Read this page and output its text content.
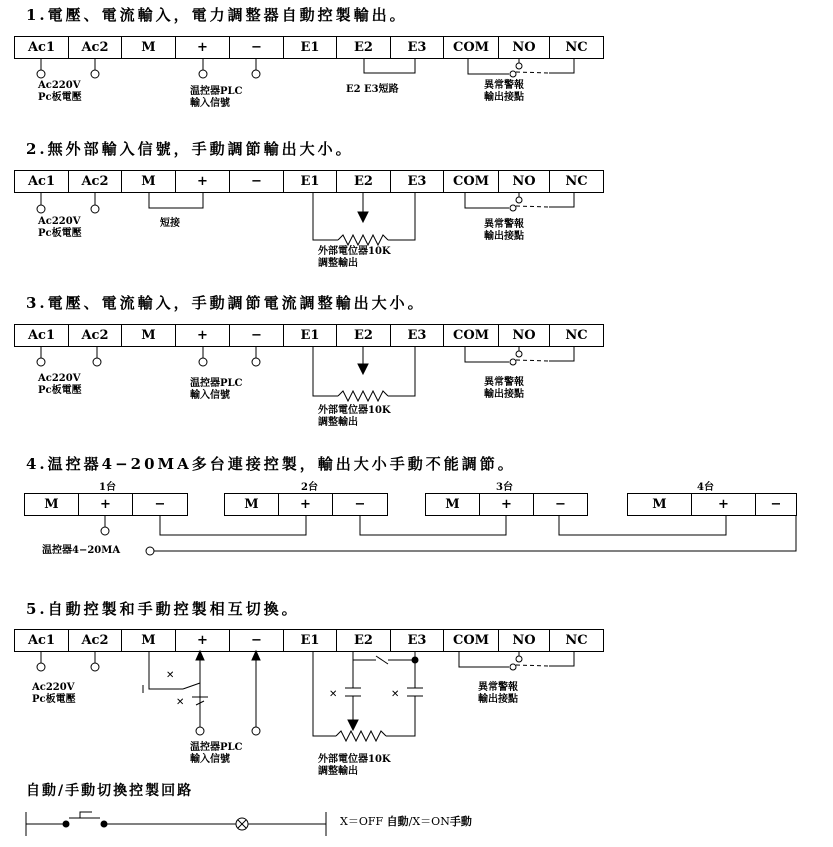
1.電壓、電流輸入，電力調整器自動控製輸出。
Ac1	Ac2	M	+	−	E1	E2	E3	COM	NO	NC
Ac220V
Pc板電壓
温控器PLC
輸入信號
E2 E3短路	異常警報
輸出接點
2.無外部輸入信號，手動調節輸出大小。
Ac1	Ac2	M	+	−	E1	E2	E3	COM	NO	NC
Ac220V
Pc板電壓
短接
外部電位器10K
調整輸出
異常警報
輸出接點
3.電壓、電流輸入，手動調節電流調整輸出大小。
Ac1	Ac2	M	+	−	E1	E2	E3	COM	NO	NC
Ac220V
Pc板電壓
温控器PLC
輸入信號
外部電位器10K
調整輸出
異常警報
輸出接點
4.温控器4−20MA多台連接控製，輸出大小手動不能調節。
1台	2台	3台	4台
M	+	−	M	+	−	M	+	−	M	+	−
温控器4−20MA
5.自動控製和手動控製相互切換。
Ac1	Ac2	M	+	−	E1	E2	E3	COM	NO	NC
Ac220V
Pc板電壓
温控器PLC
輸入信號	外部電位器10K
調整輸出
異常警報
輸出接點
自動/手動切換控製回路
X＝OFF 自動/X＝ON手動
✕
✕
✕	✕
